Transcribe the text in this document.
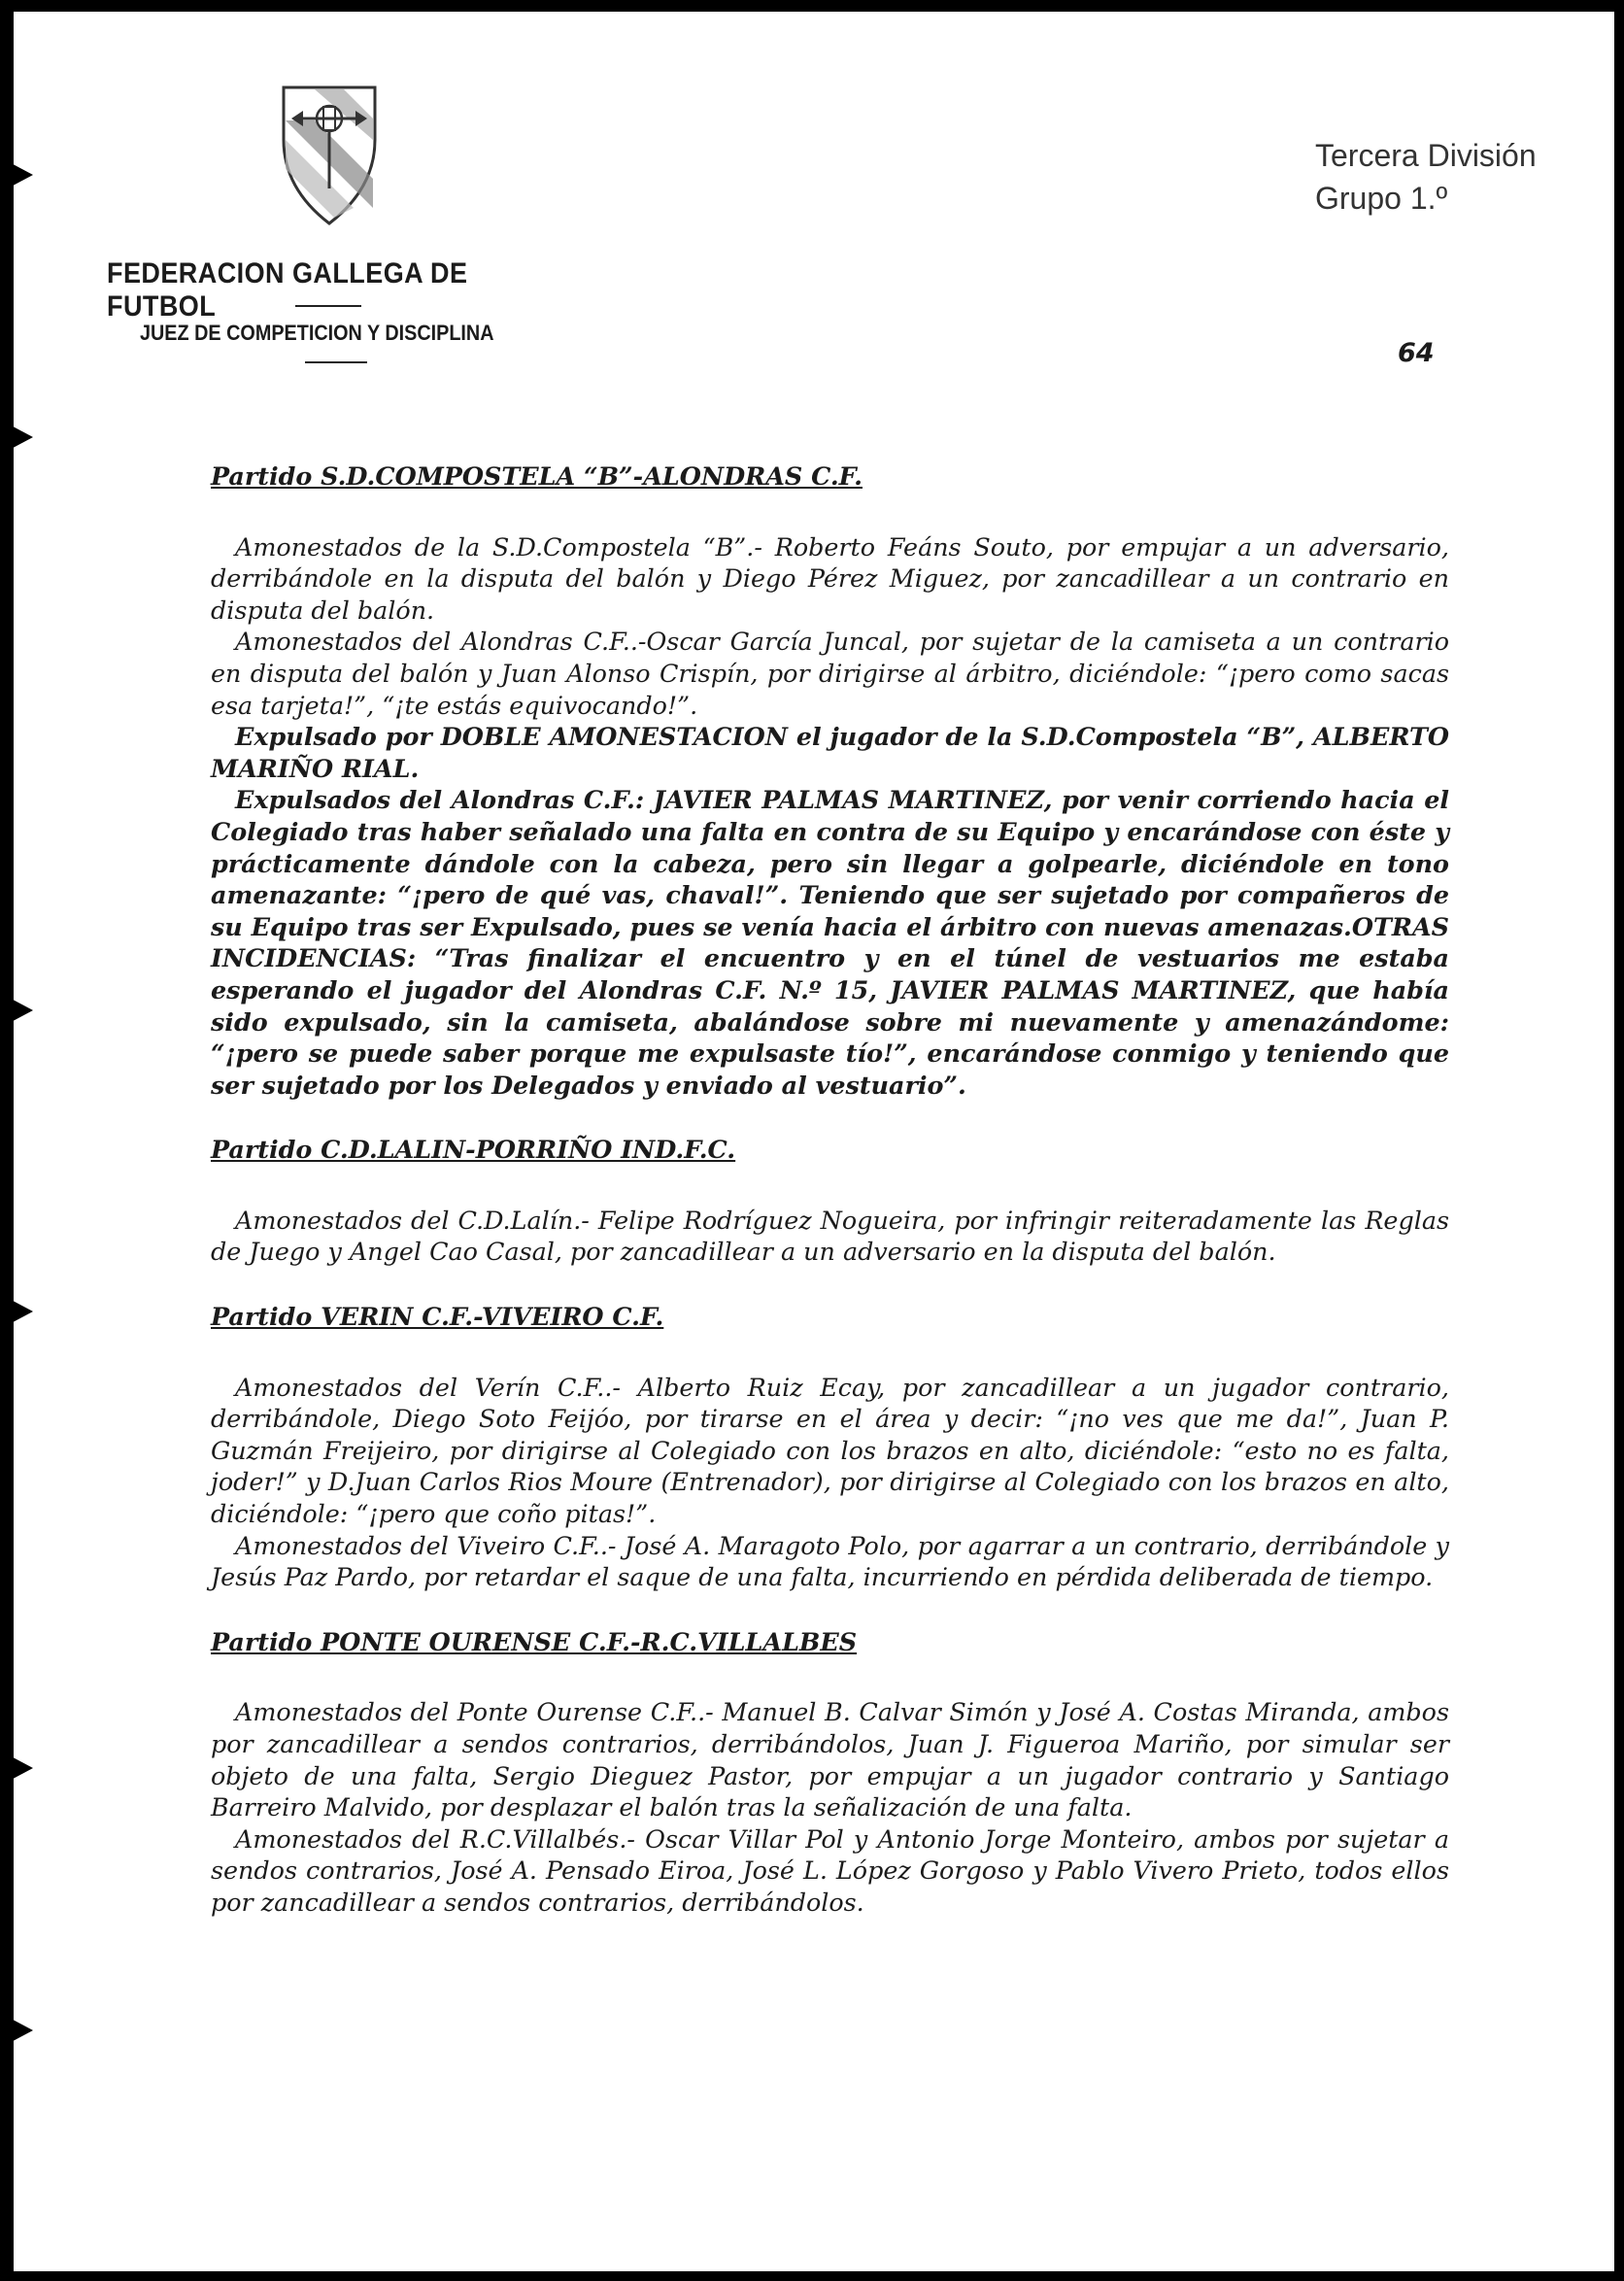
FEDERACION GALLEGA DE FUTBOL
JUEZ DE COMPETICION Y DISCIPLINA
Tercera División
Grupo 1.º
64

Partido S.D.COMPOSTELA “B”-ALONDRAS C.F.

Amonestados de la S.D.Compostela “B”.- Roberto Feáns Souto, por empujar a un adversario, derribándole en la disputa del balón y Diego Pérez Miguez, por zancadillear a un contrario en disputa del balón.

Amonestados del Alondras C.F..-Oscar García Juncal, por sujetar de la camiseta a un contrario en disputa del balón y Juan Alonso Crispín, por dirigirse al árbitro, diciéndole: “¡pero como sacas esa tarjeta!”, “¡te estás equivocando!”.

Expulsado por DOBLE AMONESTACION el jugador de la S.D.Compostela “B”, ALBERTO MARIÑO RIAL.

Expulsados del Alondras C.F.: JAVIER PALMAS MARTINEZ, por venir corriendo hacia el Colegiado tras haber señalado una falta en contra de su Equipo y encarándose con éste y prácticamente dándole con la cabeza, pero sin llegar a golpearle, diciéndole en tono amenazante: “¡pero de qué vas, chaval!”. Teniendo que ser sujetado por compañeros de su Equipo tras ser Expulsado, pues se venía hacia el árbitro con nuevas amenazas.OTRAS INCIDENCIAS: “Tras finalizar el encuentro y en el túnel de vestuarios me estaba esperando el jugador del Alondras C.F. N.º 15, JAVIER PALMAS MARTINEZ, que había sido expulsado, sin la camiseta, abalándose sobre mi nuevamente y amenazándome: “¡pero se puede saber porque me expulsaste tío!”, encarándose conmigo y teniendo que ser sujetado por los Delegados y enviado al vestuario”.

Partido C.D.LALIN-PORRIÑO IND.F.C.

Amonestados del C.D.Lalín.- Felipe Rodríguez Nogueira, por infringir reiteradamente las Reglas de Juego y Angel Cao Casal, por zancadillear a un adversario en la disputa del balón.

Partido VERIN C.F.-VIVEIRO C.F.

Amonestados del Verín C.F..- Alberto Ruiz Ecay, por zancadillear a un jugador contrario, derribándole, Diego Soto Feijóo, por tirarse en el área y decir: “¡no ves que me da!”, Juan P. Guzmán Freijeiro, por dirigirse al Colegiado con los brazos en alto, diciéndole: “esto no es falta, joder!” y D.Juan Carlos Rios Moure (Entrenador), por dirigirse al Colegiado con los brazos en alto, diciéndole: “¡pero que coño pitas!”.

Amonestados del Viveiro C.F..- José A. Maragoto Polo, por agarrar a un contrario, derribándole y Jesús Paz Pardo, por retardar el saque de una falta, incurriendo en pérdida deliberada de tiempo.

Partido PONTE OURENSE C.F.-R.C.VILLALBES

Amonestados del Ponte Ourense C.F..- Manuel B. Calvar Simón y José A. Costas Miranda, ambos por zancadillear a sendos contrarios, derribándolos, Juan J. Figueroa Mariño, por simular ser objeto de una falta, Sergio Dieguez Pastor, por empujar a un jugador contrario y Santiago Barreiro Malvido, por desplazar el balón tras la señalización de una falta.

Amonestados del R.C.Villalbés.- Oscar Villar Pol y Antonio Jorge Monteiro, ambos por sujetar a sendos contrarios, José A. Pensado Eiroa, José L. López Gorgoso y Pablo Vivero Prieto, todos ellos por zancadillear a sendos contrarios, derribándolos.
